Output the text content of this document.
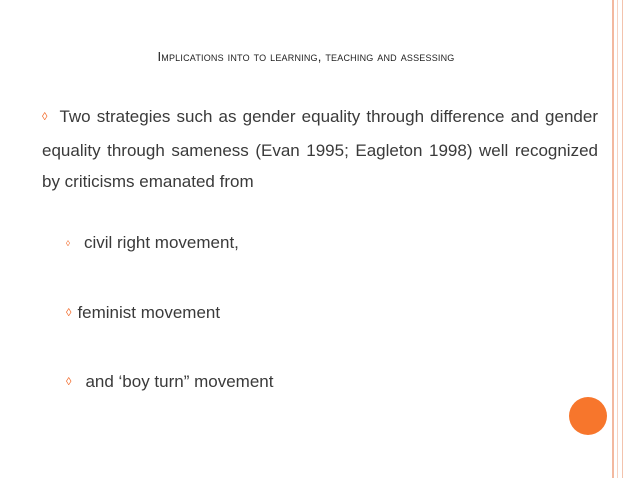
Implications into to learning, teaching and assessing
◊ Two strategies such as gender equality through difference and gender equality through sameness (Evan 1995; Eagleton 1998) well recognized by criticisms emanated from
◊ civil right movement,
◊ feminist movement
◊ and ‘boy turn” movement
